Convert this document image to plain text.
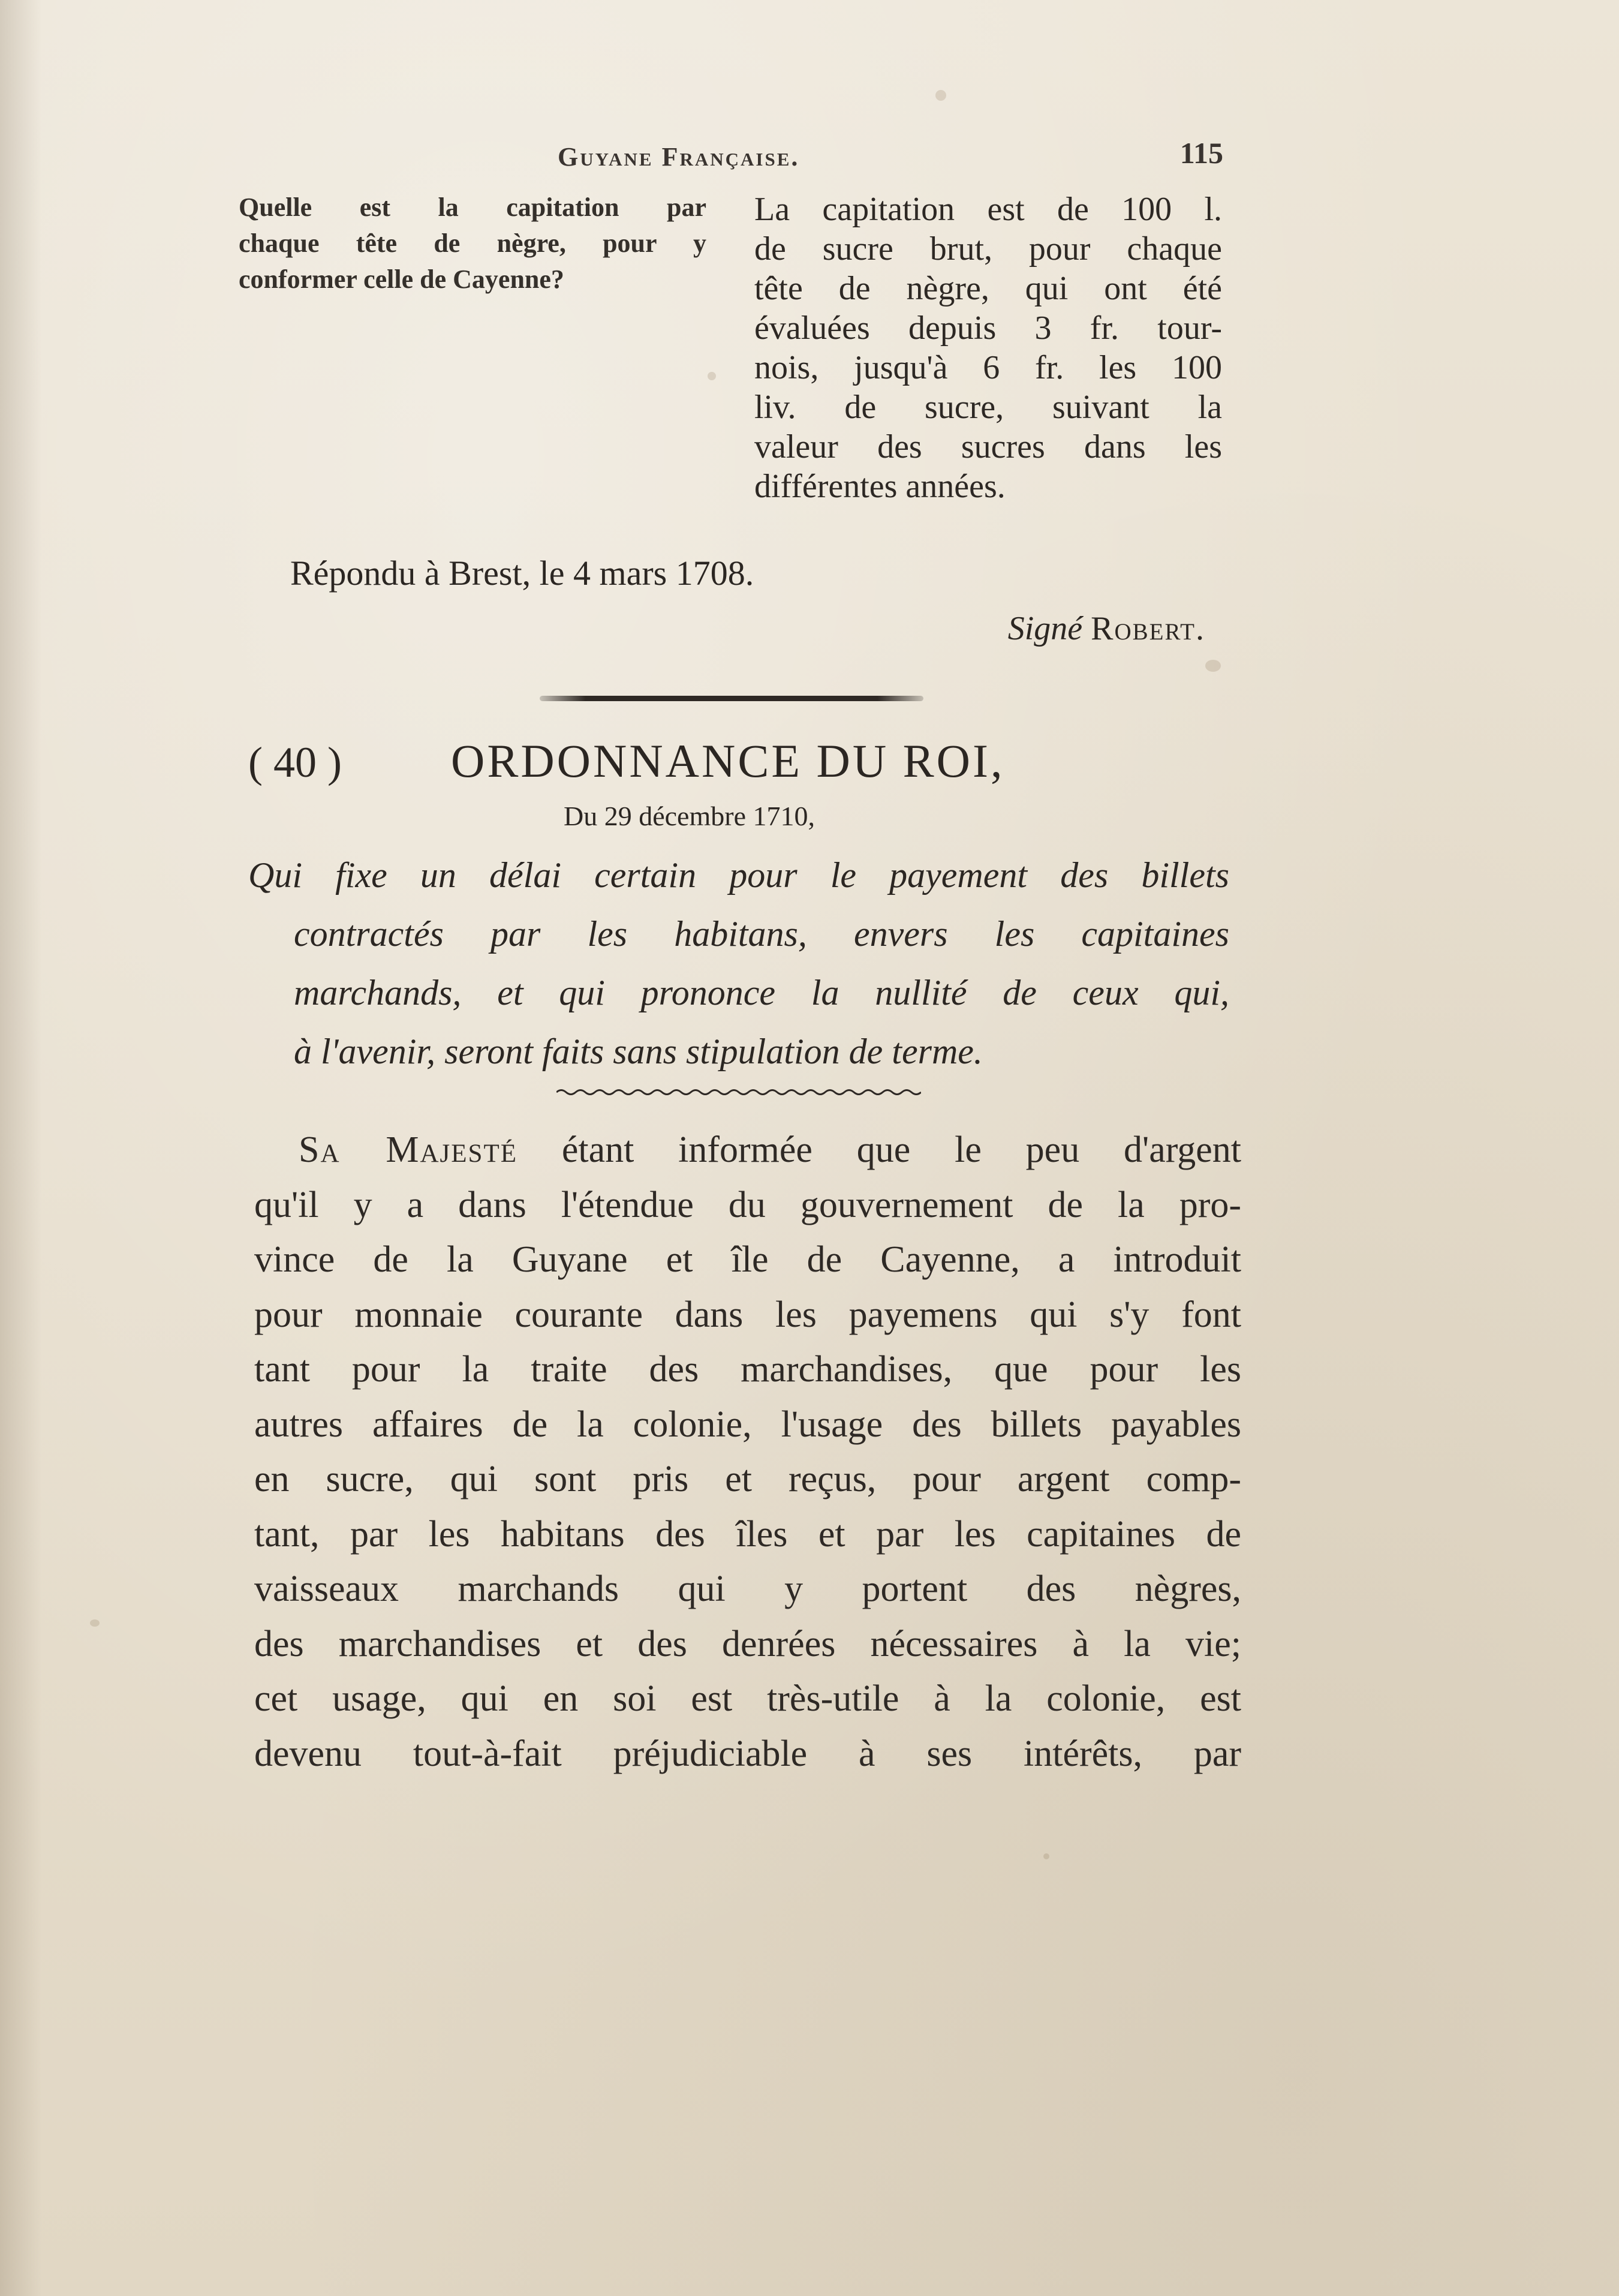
Guyane Française.	115
Quelle est la capitation par
chaque tête de nègre, pour y
conformer celle de Cayenne?
La capitation est de 100 l.
de sucre brut, pour chaque
tête de nègre, qui ont été
évaluées depuis 3 fr. tour-
nois, jusqu'à 6 fr. les 100
liv. de sucre, suivant la
valeur des sucres dans les
différentes années.
Répondu à Brest, le 4 mars 1708.
Signé Robert.
( 40 ) ORDONNANCE DU ROI,
Du 29 décembre 1710,
Qui fixe un délai certain pour le payement des billets
contractés par les habitans, envers les capitaines
marchands, et qui prononce la nullité de ceux qui,
à l'avenir, seront faits sans stipulation de terme.
Sa Majesté étant informée que le peu d'argent
qu'il y a dans l'étendue du gouvernement de la pro-
vince de la Guyane et île de Cayenne, a introduit
pour monnaie courante dans les payemens qui s'y font
tant pour la traite des marchandises, que pour les
autres affaires de la colonie, l'usage des billets payables
en sucre, qui sont pris et reçus, pour argent comp-
tant, par les habitans des îles et par les capitaines de
vaisseaux marchands qui y portent des nègres,
des marchandises et des denrées nécessaires à la vie;
cet usage, qui en soi est très-utile à la colonie, est
devenu tout-à-fait préjudiciable à ses intérêts, par
